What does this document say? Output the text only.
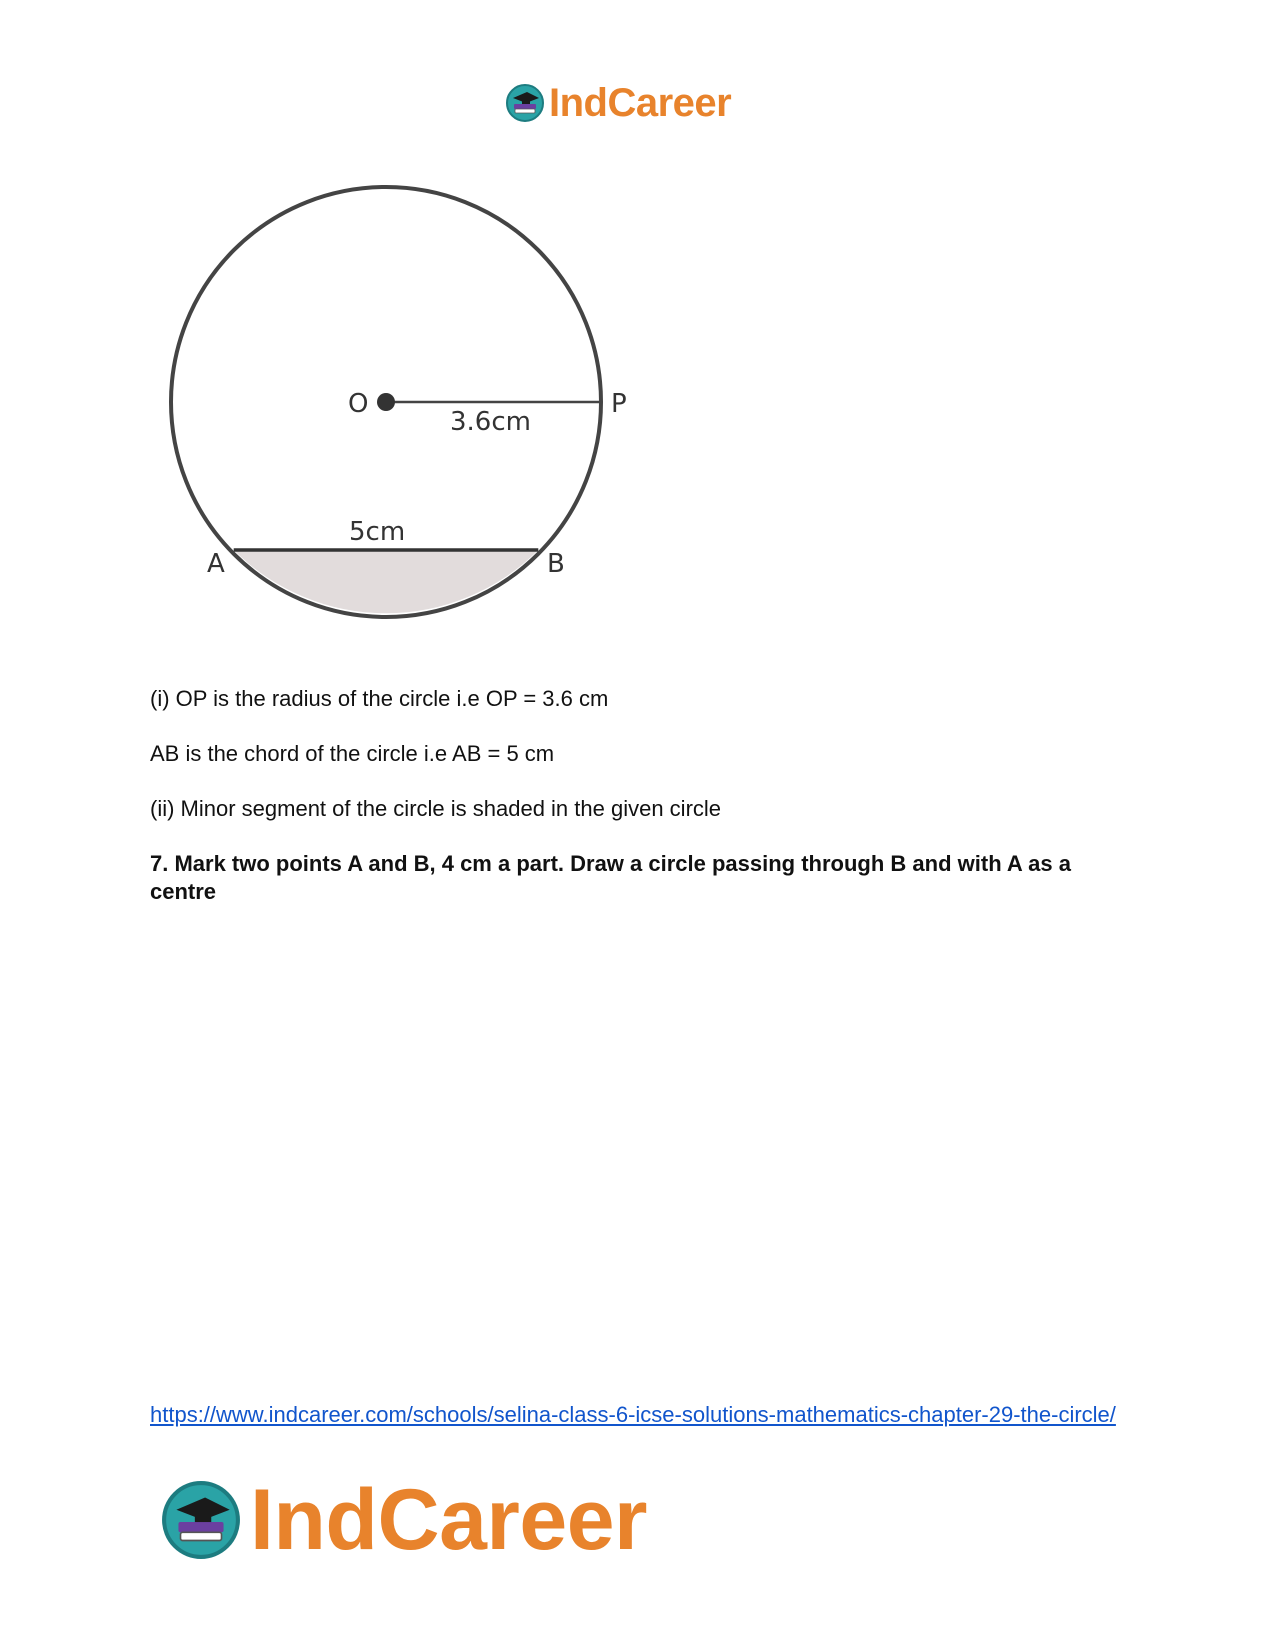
IndCareer
O	P
A	B
3.6cm
5cm

(i) OP is the radius of the circle i.e OP = 3.6 cm

AB is the chord of the circle i.e AB = 5 cm

(ii) Minor segment of the circle is shaded in the given circle

7. Mark two points A and B, 4 cm a part. Draw a circle passing through B and with A as a centre

https://www.indcareer.com/schools/selina-class-6-icse-solutions-mathematics-chapter-29-the-circle/
IndCareer
